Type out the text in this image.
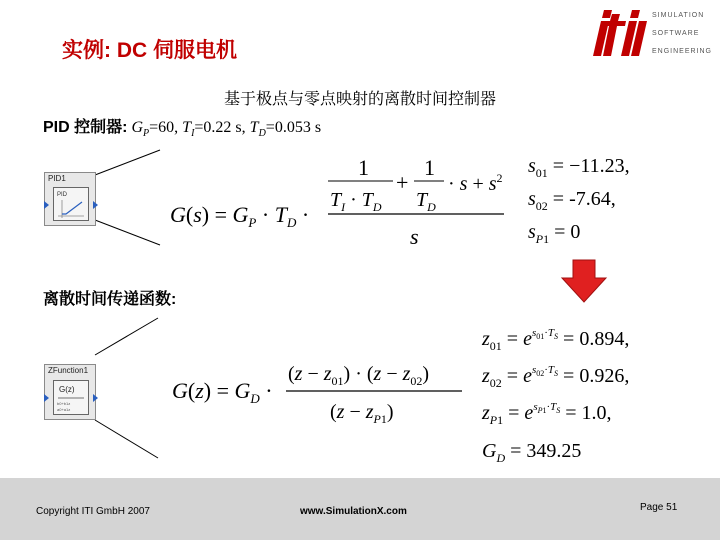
实例: DC 伺服电机
SIMULATION
SOFTWARE
ENGINEERING
基于极点与零点映射的离散时间控制器
PID 控制器: $G_P=60$, $T_I=0.22$ s, $T_D=0.053$ s
PID1
PID
$G(s) = G_P \cdot T_D$ ·
1
$T_I \cdot T_D$
+
1
$T_D$
· $s + s^2$
s
$s_{01} = -11.23$,
$s_{02} = -7.64$,
$s_P1 = 0$
离散时间传递函数:
ZFunction1
G(z)
b0+b1z
a0+a1z
$G(z) = G_D$ ·
$(z - z_{01}) \cdot (z - z_{02})$
$(z - z_P1)$
$z_{01} = e^s01\cdot TS = 0.894$,
$z_{02} = e^s02\cdot TS = 0.926$,
$z_P1 = e^sP1\cdot TS = 1.0$,
$G_D = 349.25$
Copyright ITI GmbH 2007	www.SimulationX.com	Page 51
